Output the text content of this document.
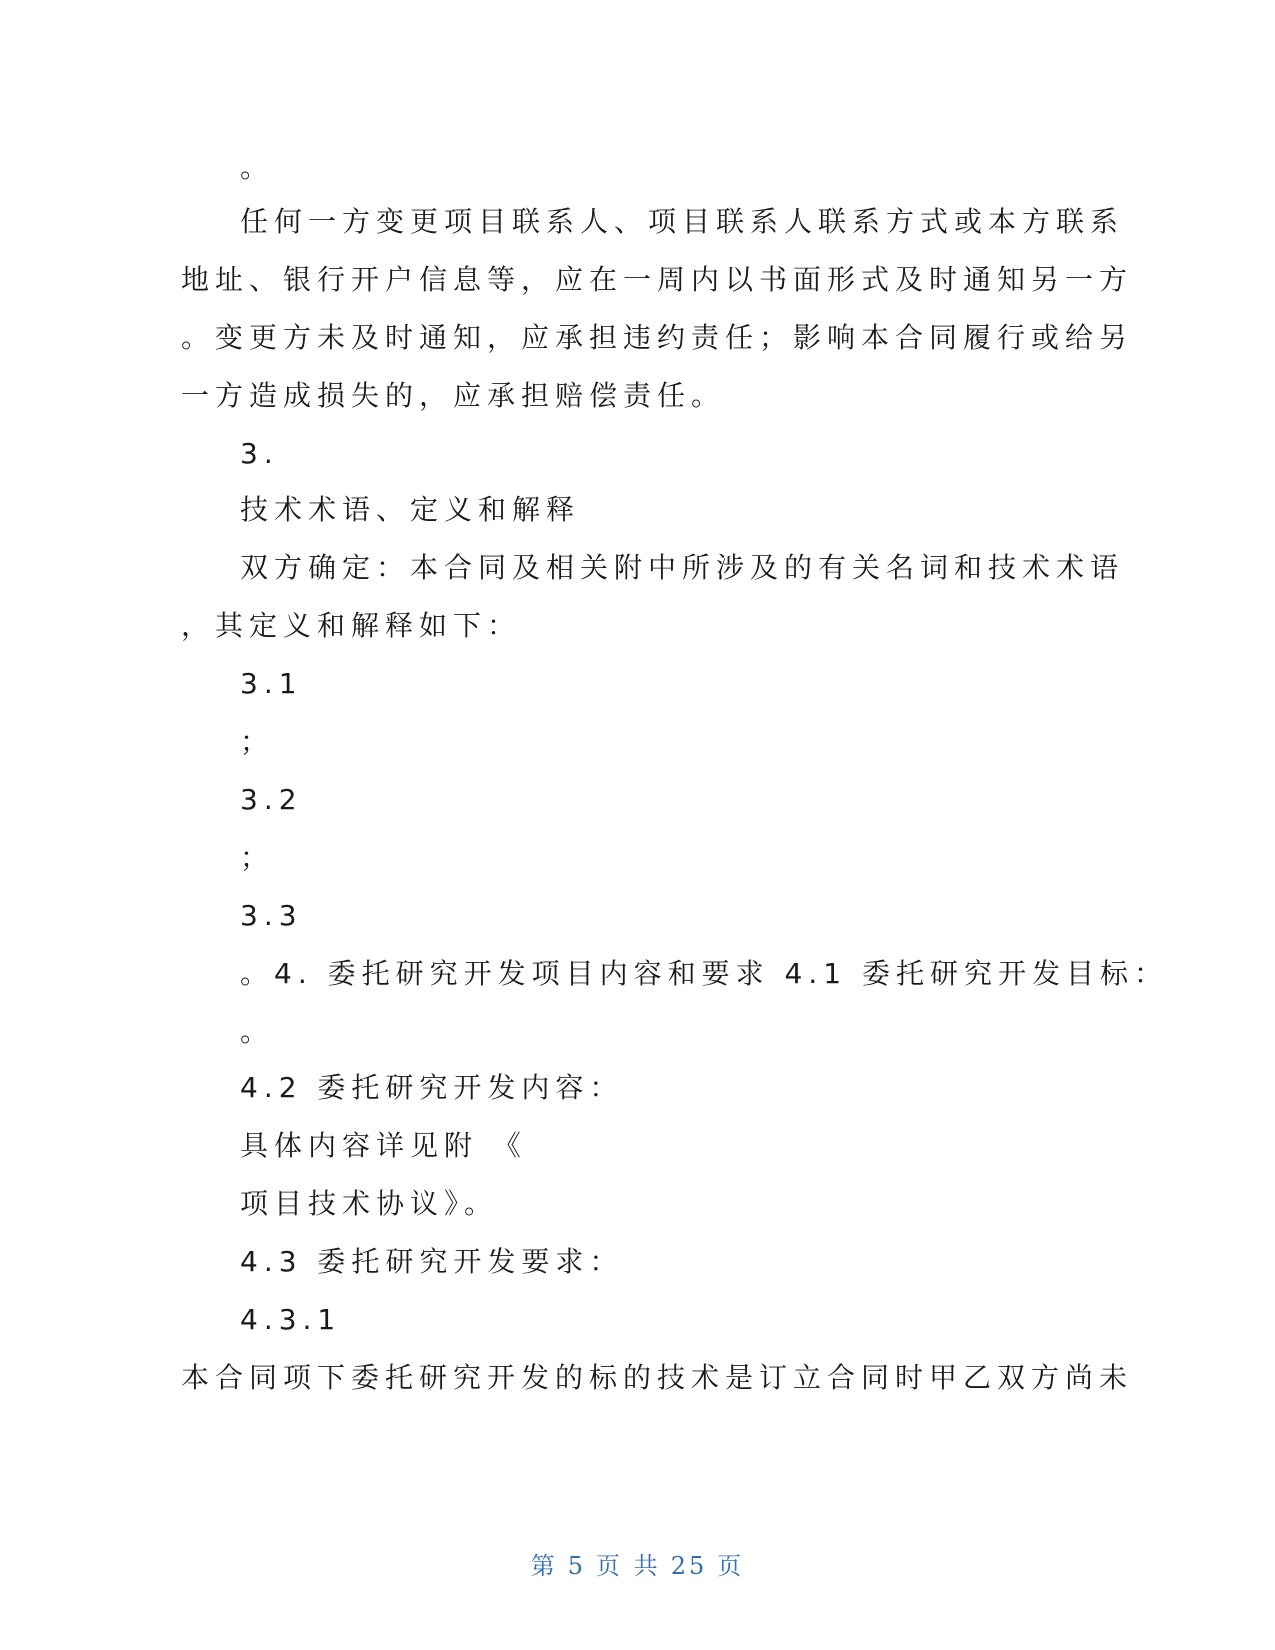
。
任何一方变更项目联系人、项目联系人联系方式或本方联系
地址、银行开户信息等，应在一周内以书面形式及时通知另一方
。变更方未及时通知，应承担违约责任；影响本合同履行或给另
一方造成损失的，应承担赔偿责任。
3.
技术术语、定义和解释
双方确定：本合同及相关附中所涉及的有关名词和技术术语
，其定义和解释如下：
3.1
；
3.2
；
3.3
。4. 委托研究开发项目内容和要求 4.1 委托研究开发目标：
。
4.2 委托研究开发内容：
具体内容详见附 《
项目技术协议》。
4.3 委托研究开发要求：
4.3.1
本合同项下委托研究开发的标的技术是订立合同时甲乙双方尚未
第 5 页 共 25 页
